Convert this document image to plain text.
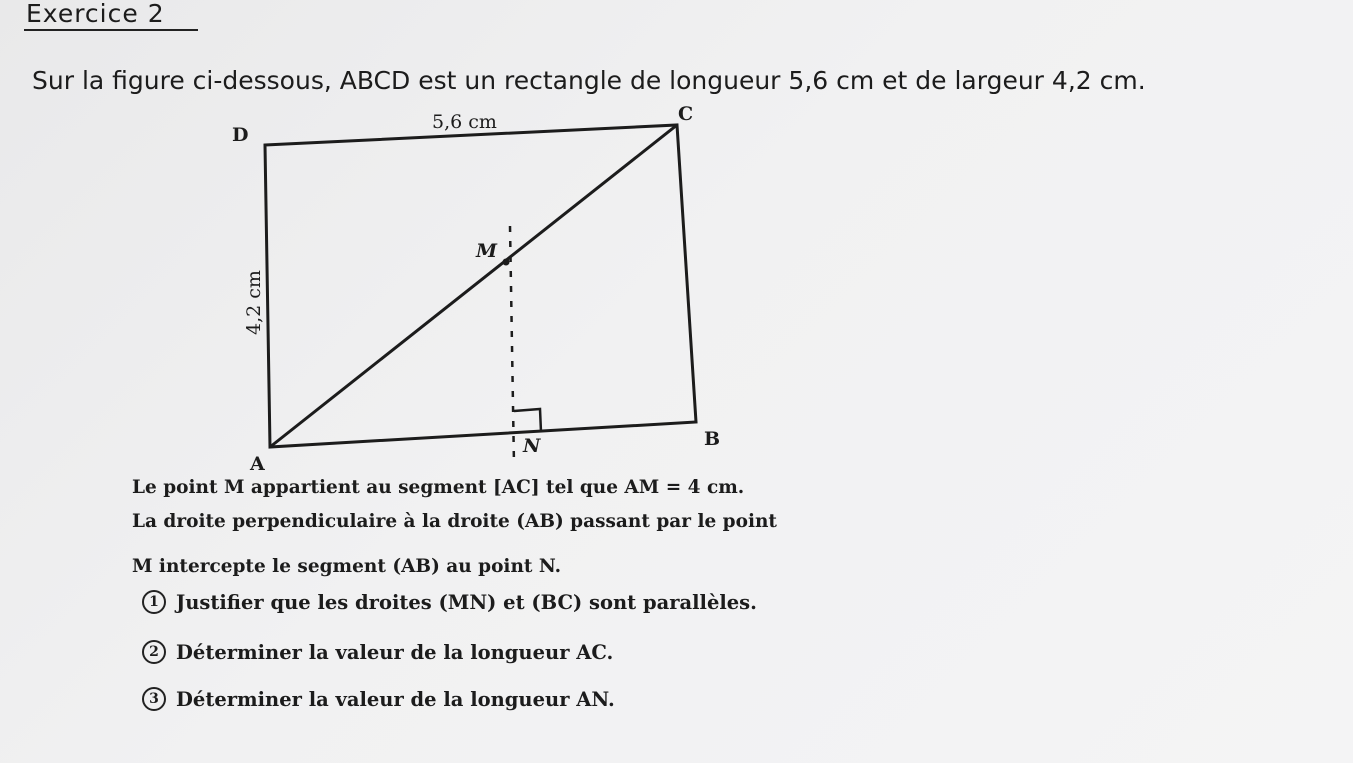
Exercice 2
Sur la figure ci-dessous, ABCD est un rectangle de longueur 5,6 cm et de largeur 4,2 cm.
D
C
B
A
M
N
5,6 cm
4,2 cm
Le point M appartient au segment [AC] tel que AM = 4 cm.
La droite perpendiculaire à la droite (AB) passant par le point
M intercepte le segment (AB) au point N.
1 Justifier que les droites (MN) et (BC) sont parallèles.
2 Déterminer la valeur de la longueur AC.
3 Déterminer la valeur de la longueur AN.
